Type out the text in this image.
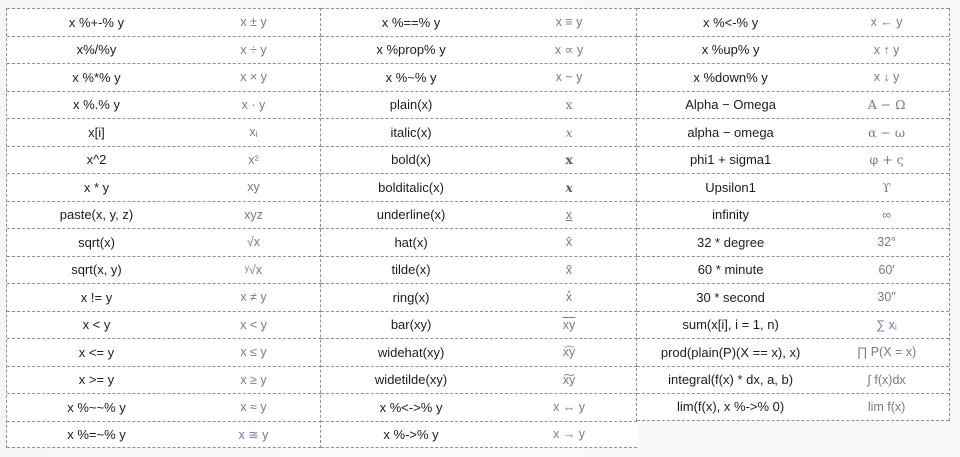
x %+-% y	x ± y
x%/%y	x ÷ y
x %*% y	x × y
x %.% y	x · y
x[i]	xᵢ
x^2	x²
x * y	xy
paste(x, y, z)	xyz
sqrt(x)	√x
sqrt(x, y)	ʸ√x
x != y	x ≠ y
x < y	x < y
x <= y	x ≤ y
x >= y	x ≥ y
x %~~% y	x ≈ y
x %=~% y	x ≅ y
x %==% y	x ≡ y
x %prop% y	x ∝ y
x %~% y	x ~ y
plain(x)	x
italic(x)	x
bold(x)	x
bolditalic(x)	x
underline(x)	x
hat(x)	x̂
tilde(x)	x̃
ring(x)	x̊
bar(xy)	$\overline{xy}$
widehat(xy)	x͡y
widetilde(xy)	x͠y
x %<->% y	x ↔ y
x %->% y	x → y
x %<-% y	x ← y
x %up% y	x ↑ y
x %down% y	x ↓ y
Alpha − Omega	Α − Ω
alpha − omega	α − ω
phi1 + sigma1	φ + ς
Upsilon1	ϒ
infinity	∞
32 * degree	32°
60 * minute	60′
30 * second	30″
sum(x[i], i = 1, n)	∑ xᵢ
prod(plain(P)(X == x), x)	∏ P(X = x)
integral(f(x) * dx, a, b)	∫ f(x)dx
lim(f(x), x %->% 0)	lim f(x)
